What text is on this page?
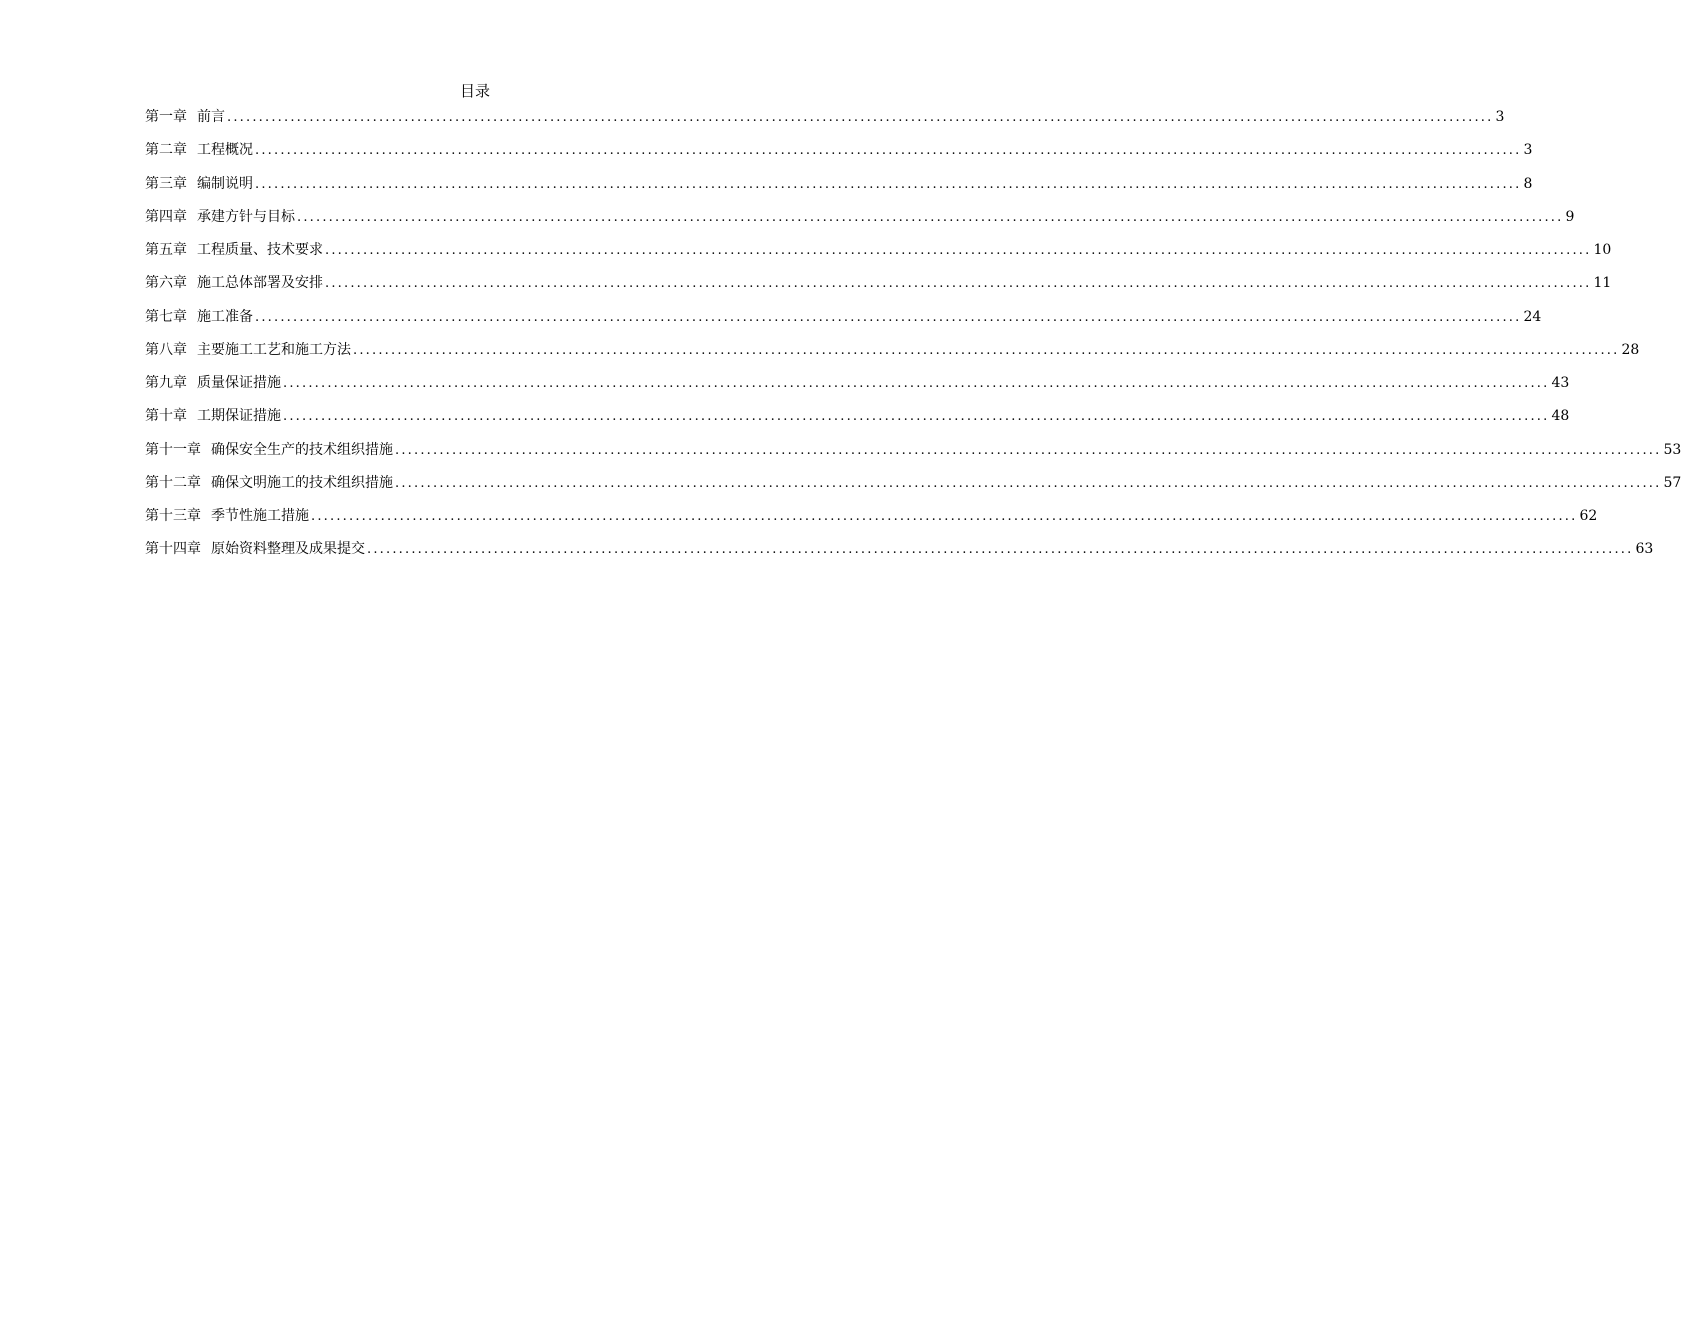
目录
第一章 前言 ........................................................................................................................................................................................................ 3
第二章 工程概况 ........................................................................................................................................................................................................ 3
第三章 编制说明 ........................................................................................................................................................................................................ 8
第四章 承建方针与目标 ........................................................................................................................................................................................................ 9
第五章 工程质量、技术要求 ........................................................................................................................................................................................................ 10
第六章 施工总体部署及安排 ........................................................................................................................................................................................................ 11
第七章 施工准备 ........................................................................................................................................................................................................ 24
第八章 主要施工工艺和施工方法 ........................................................................................................................................................................................................ 28
第九章 质量保证措施 ........................................................................................................................................................................................................ 43
第十章 工期保证措施 ........................................................................................................................................................................................................ 48
第十一章 确保安全生产的技术组织措施 ........................................................................................................................................................................................................ 53
第十二章 确保文明施工的技术组织措施 ........................................................................................................................................................................................................ 57
第十三章 季节性施工措施 ........................................................................................................................................................................................................ 62
第十四章 原始资料整理及成果提交 ........................................................................................................................................................................................................ 63
